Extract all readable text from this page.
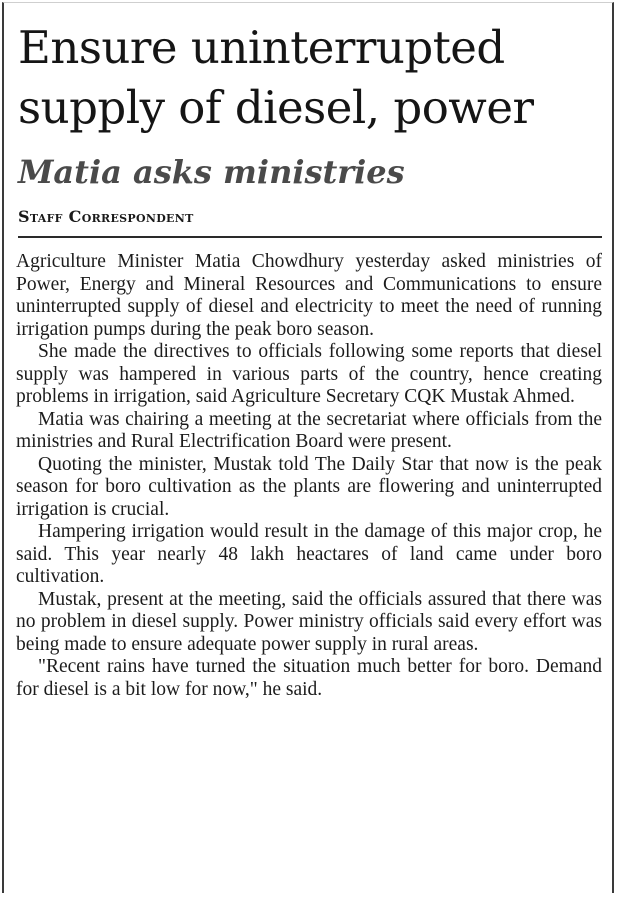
Ensure uninterrupted supply of diesel, power
Matia asks ministries
Staff Correspondent

Agriculture Minister Matia Chowdhury yesterday asked ministries of Power, Energy and Mineral Resources and Communications to ensure uninterrupted supply of diesel and electricity to meet the need of running irrigation pumps during the peak boro season.

She made the directives to officials following some reports that diesel supply was hampered in various parts of the country, hence creating problems in irrigation, said Agriculture Secretary CQK Mustak Ahmed.

Matia was chairing a meeting at the secretariat where officials from the ministries and Rural Electrification Board were present.

Quoting the minister, Mustak told The Daily Star that now is the peak season for boro cultivation as the plants are flowering and uninterrupted irrigation is crucial.

Hampering irrigation would result in the damage of this major crop, he said. This year nearly 48 lakh heactares of land came under boro cultivation.

Mustak, present at the meeting, said the officials assured that there was no problem in diesel supply. Power ministry officials said every effort was being made to ensure adequate power supply in rural areas.

"Recent rains have turned the situation much better for boro. Demand for diesel is a bit low for now," he said.
